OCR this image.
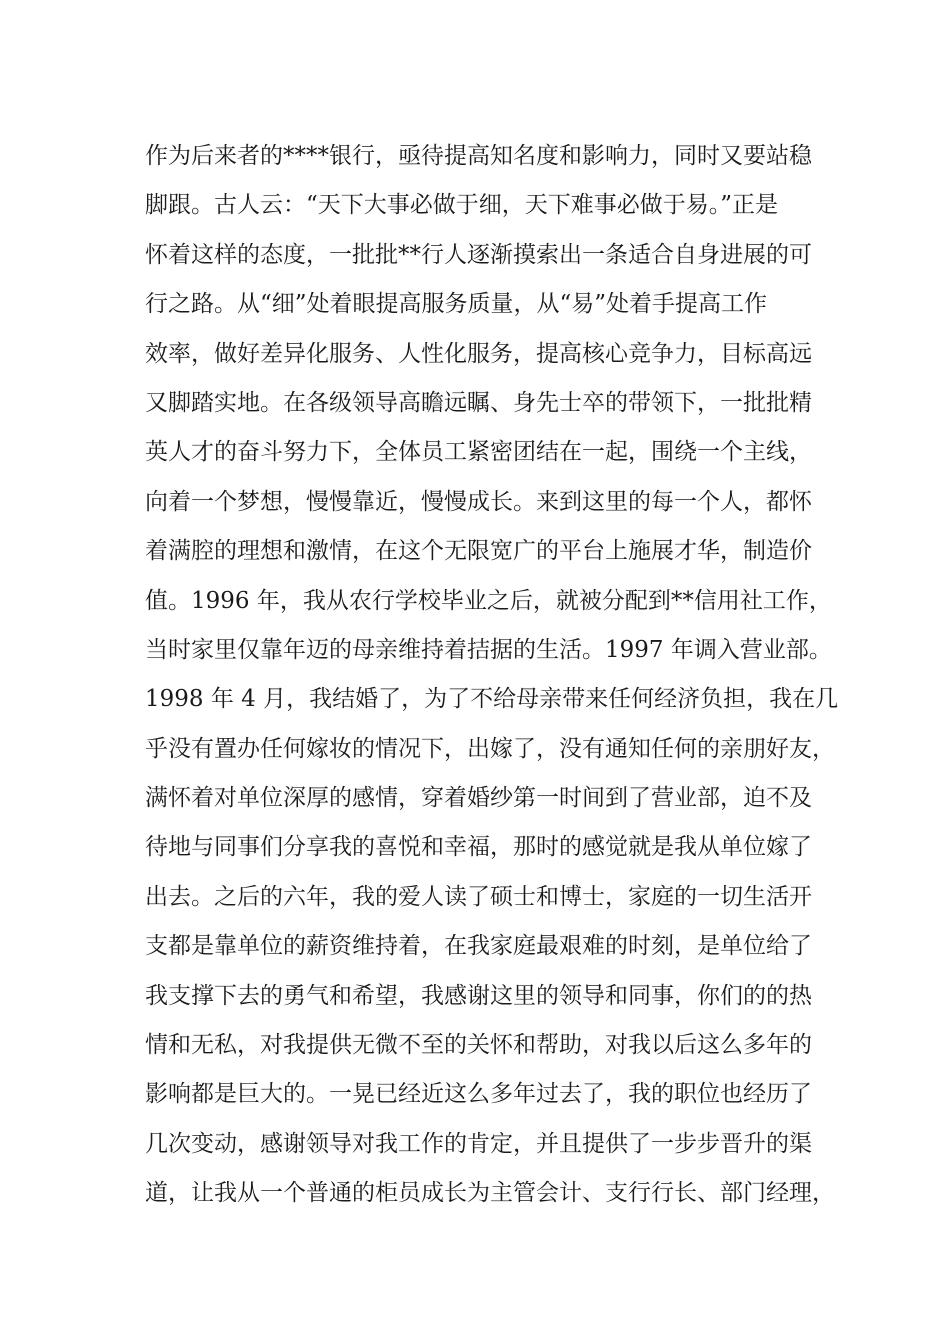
作为后来者的****银行，亟待提高知名度和影响力，同时又要站稳
脚跟。古人云：“天下大事必做于细，天下难事必做于易。”正是
怀着这样的态度，一批批**行人逐渐摸索出一条适合自身进展的可
行之路。从“细”处着眼提高服务质量，从“易”处着手提高工作
效率，做好差异化服务、人性化服务，提高核心竞争力，目标高远
又脚踏实地。在各级领导高瞻远瞩、身先士卒的带领下，一批批精
英人才的奋斗努力下，全体员工紧密团结在一起，围绕一个主线，
向着一个梦想，慢慢靠近，慢慢成长。来到这里的每一个人，都怀
着满腔的理想和激情，在这个无限宽广的平台上施展才华，制造价
值。1996 年，我从农行学校毕业之后，就被分配到**信用社工作，
当时家里仅靠年迈的母亲维持着拮据的生活。1997 年调入营业部。
1998 年 4 月，我结婚了，为了不给母亲带来任何经济负担，我在几
乎没有置办任何嫁妆的情况下，出嫁了，没有通知任何的亲朋好友，
满怀着对单位深厚的感情，穿着婚纱第一时间到了营业部，迫不及
待地与同事们分享我的喜悦和幸福，那时的感觉就是我从单位嫁了
出去。之后的六年，我的爱人读了硕士和博士，家庭的一切生活开
支都是靠单位的薪资维持着，在我家庭最艰难的时刻，是单位给了
我支撑下去的勇气和希望，我感谢这里的领导和同事，你们的的热
情和无私，对我提供无微不至的关怀和帮助，对我以后这么多年的
影响都是巨大的。一晃已经近这么多年过去了，我的职位也经历了
几次变动，感谢领导对我工作的肯定，并且提供了一步步晋升的渠
道，让我从一个普通的柜员成长为主管会计、支行行长、部门经理，
